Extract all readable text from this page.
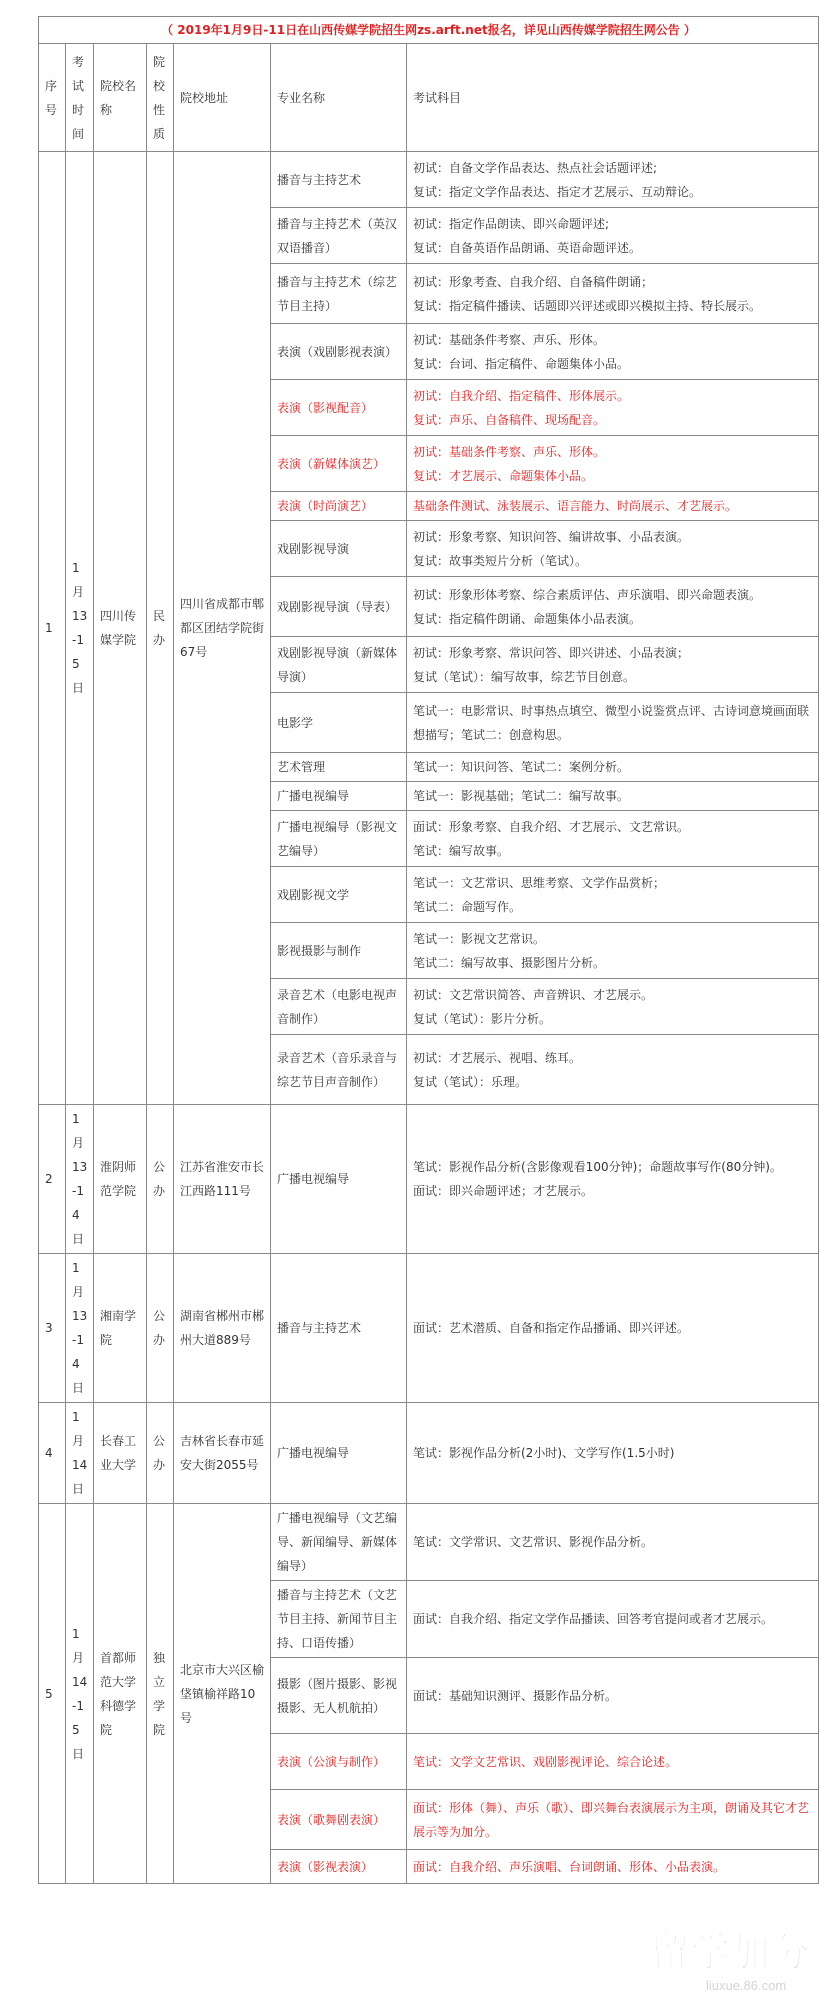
（ 2019年1月9日-11日在山西传媒学院招生网zs.arft.net报名，详见山西传媒学院招生网公告 ）						
序号	考试时间	院校名称	院校性质	院校地址	专业名称	考试科目
1	1月13-15日	四川传媒学院	民办	四川省成都市郫都区团结学院街67号	播音与主持艺术	初试：自备文学作品表达、热点社会话题评述;
复试：指定文学作品表达、指定才艺展示、互动辩论。

					播音与主持艺术（英汉双语播音）	初试：指定作品朗读、即兴命题评述;
复试：自备英语作品朗诵、英语命题评述。

					播音与主持艺术（综艺节目主持）	初试：形象考查、自我介绍、自备稿件朗诵；
复试：指定稿件播读、话题即兴评述或即兴模拟主持、特长展示。

					表演（戏剧影视表演）	初试：基础条件考察、声乐、形体。
复试：台词、指定稿件、命题集体小品。

					表演（影视配音）	初试：自我介绍、指定稿件、形体展示。
复试：声乐、自备稿件、现场配音。

					表演（新媒体演艺）	初试：基础条件考察、声乐、形体。
复试：才艺展示、命题集体小品。

					表演（时尚演艺）	基础条件测试、泳装展示、语言能力、时尚展示、才艺展示。

					戏剧影视导演	初试：形象考察、知识问答、编讲故事、小品表演。
复试：故事类短片分析（笔试）。

					戏剧影视导演（导表）	初试：形象形体考察、综合素质评估、声乐演唱、即兴命题表演。
复试：指定稿件朗诵、命题集体小品表演。

					戏剧影视导演（新媒体导演）	初试：形象考察、常识问答、即兴讲述、小品表演；
复试（笔试）：编写故事，综艺节目创意。

					电影学	笔试一：电影常识、时事热点填空、微型小说鉴赏点评、古诗词意境画面联想描写；笔试二：创意构思。

					艺术管理	笔试一：知识问答、笔试二：案例分析。

					广播电视编导	笔试一：影视基础；笔试二：编写故事。

					广播电视编导（影视文艺编导）	面试：形象考察、自我介绍、才艺展示、文艺常识。
笔试：编写故事。

					戏剧影视文学	笔试一：文艺常识、思维考察、文学作品赏析；
笔试二：命题写作。

					影视摄影与制作	笔试一：影视文艺常识。
笔试二：编写故事、摄影图片分析。

					录音艺术（电影电视声音制作）	初试：文艺常识简答、声音辨识、才艺展示。
复试（笔试）：影片分析。

					录音艺术（音乐录音与综艺节目声音制作）	初试：才艺展示、视唱、练耳。
复试（笔试）：乐理。

2	1月13-14日	淮阴师范学院	公办	江苏省淮安市长江西路111号	广播电视编导	笔试：影视作品分析(含影像观看100分钟)；命题故事写作(80分钟)。
面试：即兴命题评述；才艺展示。

3	1月13-14日	湘南学院	公办	湖南省郴州市郴州大道889号	播音与主持艺术	面试：艺术潜质、自备和指定作品播诵、即兴评述。

4	1月14日	长春工业大学	公办	吉林省长春市延安大街2055号	广播电视编导	笔试：影视作品分析(2小时)、文学写作(1.5小时)

5	1月14-15日	首都师范大学科德学院	独立学院	北京市大兴区榆垡镇榆祥路10号	广播电视编导（文艺编导、新闻编导、新媒体编导）	笔试：文学常识、文艺常识、影视作品分析。

					播音与主持艺术（文艺节目主持、新闻节目主持、口语传播）	面试：自我介绍、指定文学作品播读、回答考官提问或者才艺展示。

					摄影（图片摄影、影视摄影、无人机航拍）	面试：基础知识测评、摄影作品分析。

					表演（公演与制作）	笔试：文学文艺常识、戏剧影视评论、综合论述。

					表演（歌舞剧表演）	面试：形体（舞）、声乐（歌）、即兴舞台表演展示为主项，朗诵及其它才艺展示等为加分。

					表演（影视表演）	面试：自我介绍、声乐演唱、台词朗诵、形体、小品表演。
留学加分
liuxue.86.com
